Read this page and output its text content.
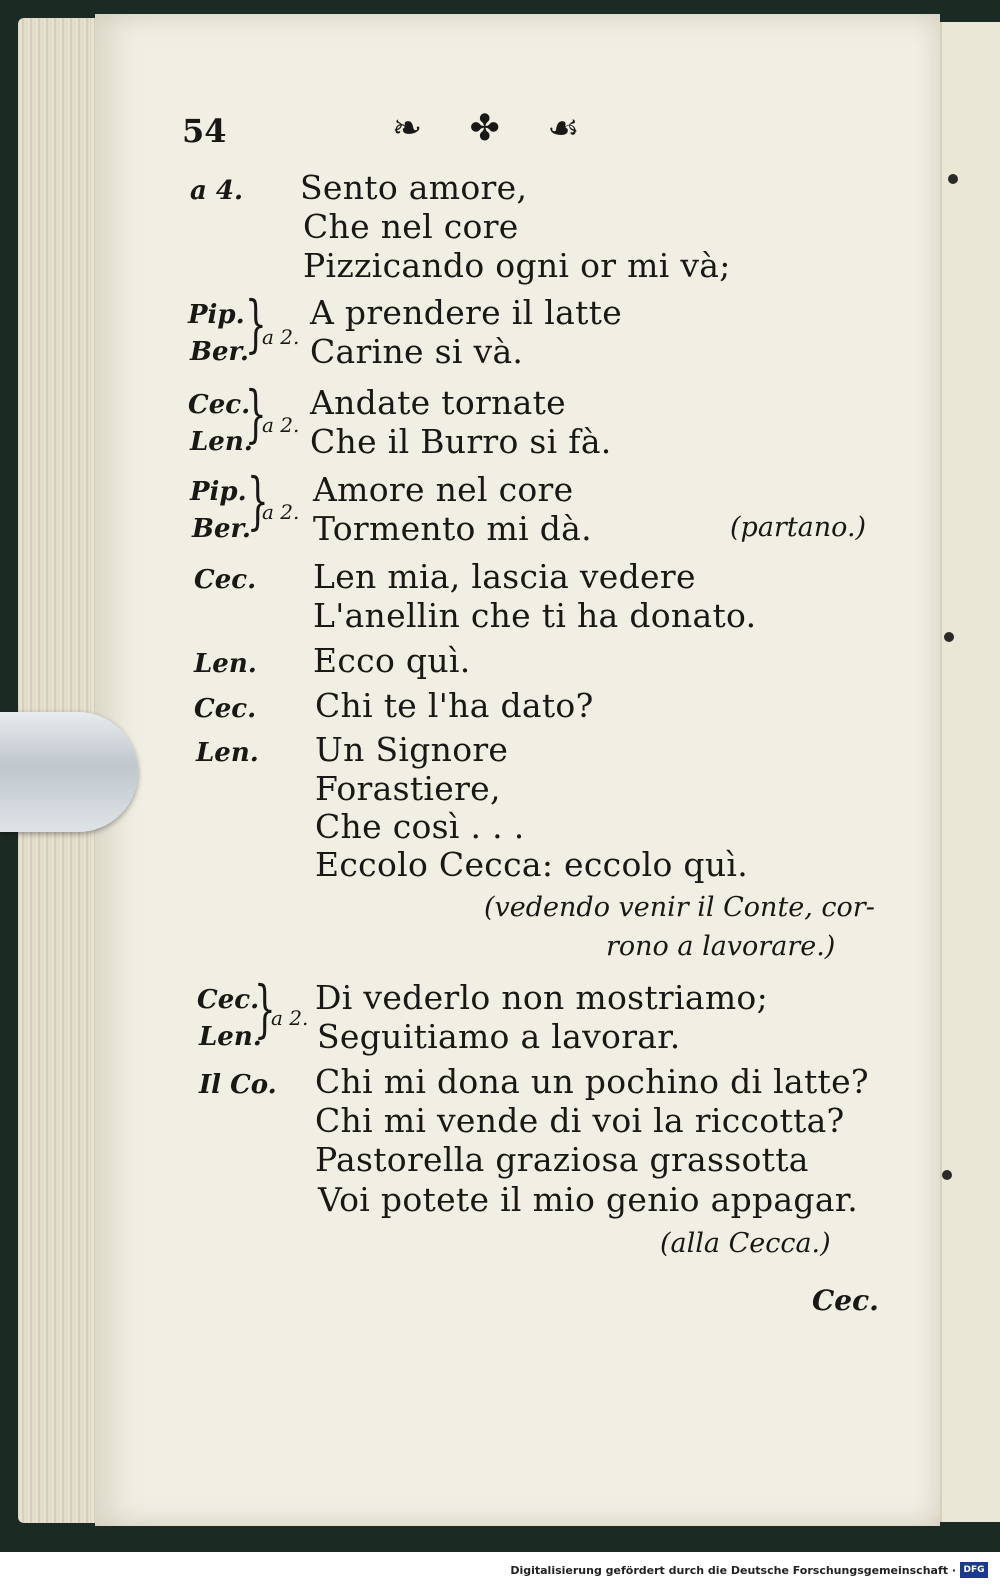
54	❧ ✤ ☙
a 4. Sento amore,
Che nel core
Pizzicando ogni or mi và;
Pip.
Ber.
}
a 2.
A prendere il latte
Carine si và.
Cec.
Len.
}
a 2.
Andate tornate
Che il Burro si fà.
Pip.
Ber.
}
a 2.
Amore nel core
Tormento mi dà.	(partano.)
Cec. Len mia, lascia vedere
L'anellin che ti ha donato.
Len. Ecco quì.
Cec. Chi te l'ha dato?
Len. Un Signore
Forastiere,
Che così . . .
Eccolo Cecca: eccolo quì.
(vedendo venir il Conte, cor-
rono a lavorare.)
Cec.
Len.
}
a 2.
Di vederlo non mostriamo;
Seguitiamo a lavorar.
Il Co. Chi mi dona un pochino di latte?
Chi mi vende di voi la riccotta?
Pastorella graziosa grassotta
Voi potete il mio genio appagar.
(alla Cecca.)
Cec.
Digitalisierung gefördert durch die Deutsche Forschungsgemeinschaft · DFG
